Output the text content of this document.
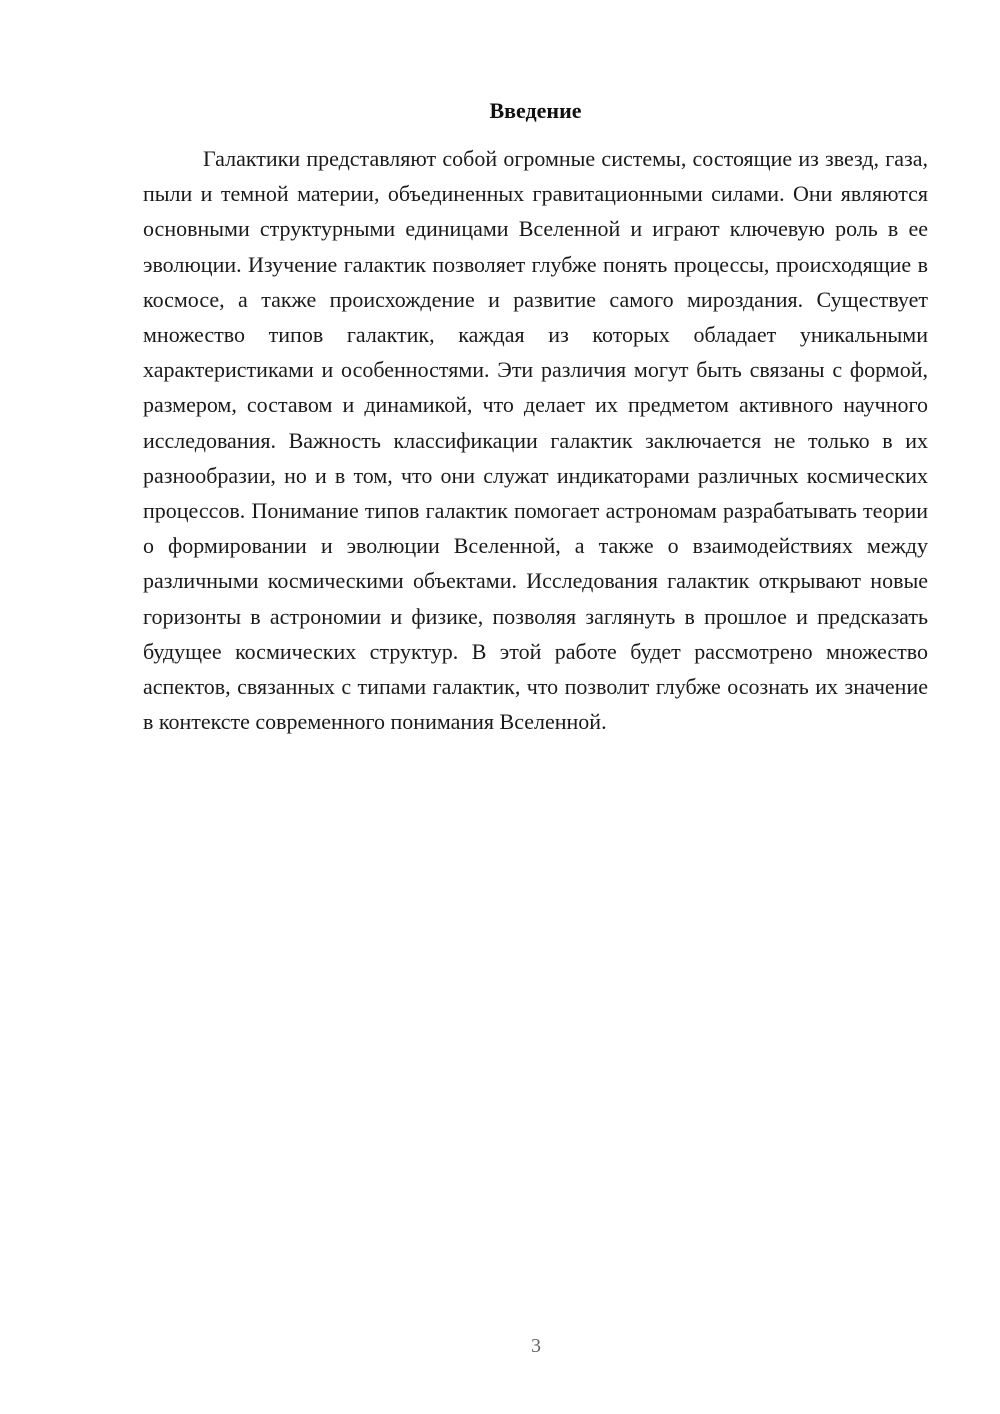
Введение

Галактики представляют собой огромные системы, состоящие из звезд, газа, пыли и темной материи, объединенных гравитационными силами. Они являются основными структурными единицами Вселенной и играют ключевую роль в ее эволюции. Изучение галактик позволяет глубже понять процессы, происходящие в космосе, а также происхождение и развитие самого мироздания. Существует множество типов галактик, каждая из которых обладает уникальными характеристиками и особенностями. Эти различия могут быть связаны с формой, размером, составом и динамикой, что делает их предметом активного научного исследования. Важность классификации галактик заключается не только в их разнообразии, но и в том, что они служат индикаторами различных космических процессов. Понимание типов галактик помогает астрономам разрабатывать теории о формировании и эволюции Вселенной, а также о взаимодействиях между различными космическими объектами. Исследования галактик открывают новые горизонты в астрономии и физике, позволяя заглянуть в прошлое и предсказать будущее космических структур. В этой работе будет рассмотрено множество аспектов, связанных с типами галактик, что позволит глубже осознать их значение в контексте современного понимания Вселенной.

3
